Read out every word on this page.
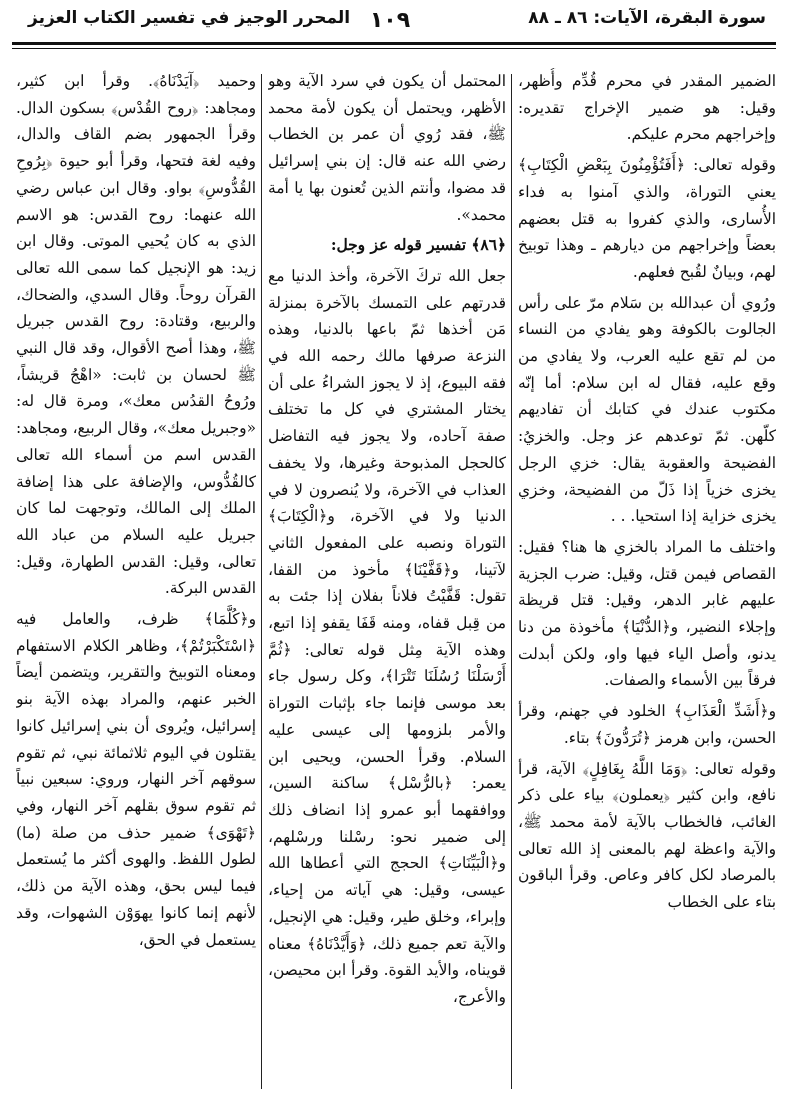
المحرر الوجيز في تفسير الكتاب العزيز ١٠٩	سورة البقرة، الآيات: ٨٦ ـ ٨٨

الضمير المقدر في محرم قُدِّم وأُظهر، وقيل: هو ضمير الإخراج تقديره: وإخراجهم محرم عليكم.

وقوله تعالى: ﴿أَفَتُؤْمِنُونَ بِبَعْضِ الْكِتَابِ﴾ يعني التوراة، والذي آمنوا به فداء الأُسارى، والذي كفروا به قتل بعضهم بعضاً وإخراجهم من ديارهم ـ وهذا توبيخ لهم، وبيانٌ لقُبح فعلهم.

ورُوي أن عبدالله بن سَلام مرّ على رأس الجالوت بالكوفة وهو يفادي من النساء من لم تقع عليه العرب، ولا يفادي من وقع عليه، فقال له ابن سلام: أما إنّه مكتوب عندك في كتابك أن تفاديهم كلّهن. ثمّ توعدهم عز وجل. والخزيُ: الفضيحة والعقوبة يقال: خزي الرجل يخزى خزياً إذا ذَلّ من الفضيحة، وخزي يخزى خزاية إذا استحيا. . .

واختلف ما المراد بالخزي ها هنا؟ فقيل: القصاص فيمن قتل، وقيل: ضرب الجزية عليهم غابر الدهر، وقيل: قتل قريظة وإجلاء النضير، و﴿الدُّنْيَا﴾ مأخوذة من دنا يدنو، وأصل الياء فيها واو، ولكن أبدلت فرقاً بين الأسماء والصفات.

و﴿أَشَدِّ الْعَذَابِ﴾ الخلود في جهنم، وقرأ الحسن، وابن هرمز ﴿تُرَدُّونَ﴾ بتاء.

وقوله تعالى: ﴿وَمَا اللَّهُ بِغَافِلٍ﴾ الآية، قرأ نافع، وابن كثير ﴿يعملون﴾ بياء على ذكر الغائب، فالخطاب بالآية لأمة محمد ﷺ، والآية واعظة لهم بالمعنى إذ الله تعالى بالمرصاد لكل كافر وعاص. وقرأ الباقون بتاء على الخطاب

المحتمل أن يكون في سرد الآية وهو الأظهر، ويحتمل أن يكون لأمة محمد ﷺ، فقد رُوي أن عمر بن الخطاب رضي الله عنه قال: إن بني إسرائيل قد مضوا، وأنتم الذين تُعنون بها يا أمة محمد».

﴿٨٦﴾ تفسير قوله عز وجل:

جعل الله تركَ الآخرة، وأخذ الدنيا مع قدرتهم على التمسك بالآخرة بمنزلة مَن أخذها ثمّ باعها بالدنيا، وهذه النزعة صرفها مالك رحمه الله في فقه البيوع، إذ لا يجوز الشراءُ على أن يختار المشتري في كل ما تختلف صفة آحاده، ولا يجوز فيه التفاضل كالحجل المذبوحة وغيرها، ولا يخفف العذاب في الآخرة، ولا يُنصرون لا في الدنيا ولا في الآخرة، و﴿الْكِتَابَ﴾ التوراة ونصبه على المفعول الثاني لآتينا، و﴿قَفَّيْنَا﴾ مأخوذ من القفا، تقول: قَفَّيْتُ فلاناً بفلان إذا جئت به من قِبل قفاه، ومنه قَفَا يقفو إذا اتبع، وهذه الآية مِثل قوله تعالى: ﴿ثُمَّ أَرْسَلْنَا رُسُلَنَا تَتْرَا﴾، وكل رسول جاء بعد موسى فإنما جاء بإثبات التوراة والأمر بلزومها إلى عيسى عليه السلام. وقرأ الحسن، ويحيى ابن يعمر: ﴿بالرُّسْل﴾ ساكنة السين، ووافقهما أبو عمرو إذا انضاف ذلك إلى ضمير نحو: رسْلنا ورسْلهم، و﴿الْبَيِّنَاتِ﴾ الحجج التي أعطاها الله عيسى، وقيل: هي آياته من إحياء، وإبراء، وخلق طير، وقيل: هي الإنجيل، والآية تعم جميع ذلك، ﴿وَأَيَّدْنَاهُ﴾ معناه قويناه، والأيد القوة. وقرأ ابن محيصن، والأعرج،

وحميد ﴿آيَدْنَاهُ﴾. وقرأ ابن كثير، ومجاهد: ﴿روح القُدْس﴾ بسكون الدال. وقرأ الجمهور بضم القاف والدال، وفيه لغة فتحها، وقرأ أبو حيوة ﴿بِرُوحِ القُدُّوسِ﴾ بواو. وقال ابن عباس رضي الله عنهما: روح القدس: هو الاسم الذي به كان يُحيي الموتى. وقال ابن زيد: هو الإنجيل كما سمى الله تعالى القرآن روحاً. وقال السدي، والضحاك، والربيع، وقتادة: روح القدس جبريل ﷺ، وهذا أصح الأقوال، وقد قال النبي ﷺ لحسان بن ثابت: «اهْجُ قريشاً، ورُوحُ القدُس معك»، ومرة قال له: «وجبريل معك»، وقال الربيع، ومجاهد: القدس اسم من أسماء الله تعالى كالقُدُّوس، والإضافة على هذا إضافة الملك إلى المالك، وتوجهت لما كان جبريل عليه السلام من عباد الله تعالى، وقيل: القدس الطهارة، وقيل: القدس البركة.

و﴿كُلَّمَا﴾ ظرف، والعامل فيه ﴿اسْتَكْبَرْتُمْ﴾، وظاهر الكلام الاستفهام ومعناه التوبيخ والتقرير، ويتضمن أيضاً الخبر عنهم، والمراد بهذه الآية بنو إسرائيل، ويُروى أن بني إسرائيل كانوا يقتلون في اليوم ثلاثمائة نبي، ثم تقوم سوقهم آخر النهار، وروي: سبعين نبياً ثم تقوم سوق بقلهم آخر النهار، وفي ﴿تَهْوَى﴾ ضمير حذف من صلة (ما) لطول اللفظ. والهوى أكثر ما يُستعمل فيما ليس بحق، وهذه الآية من ذلك، لأنهم إنما كانوا يهوَوْن الشهوات، وقد يستعمل في الحق،
